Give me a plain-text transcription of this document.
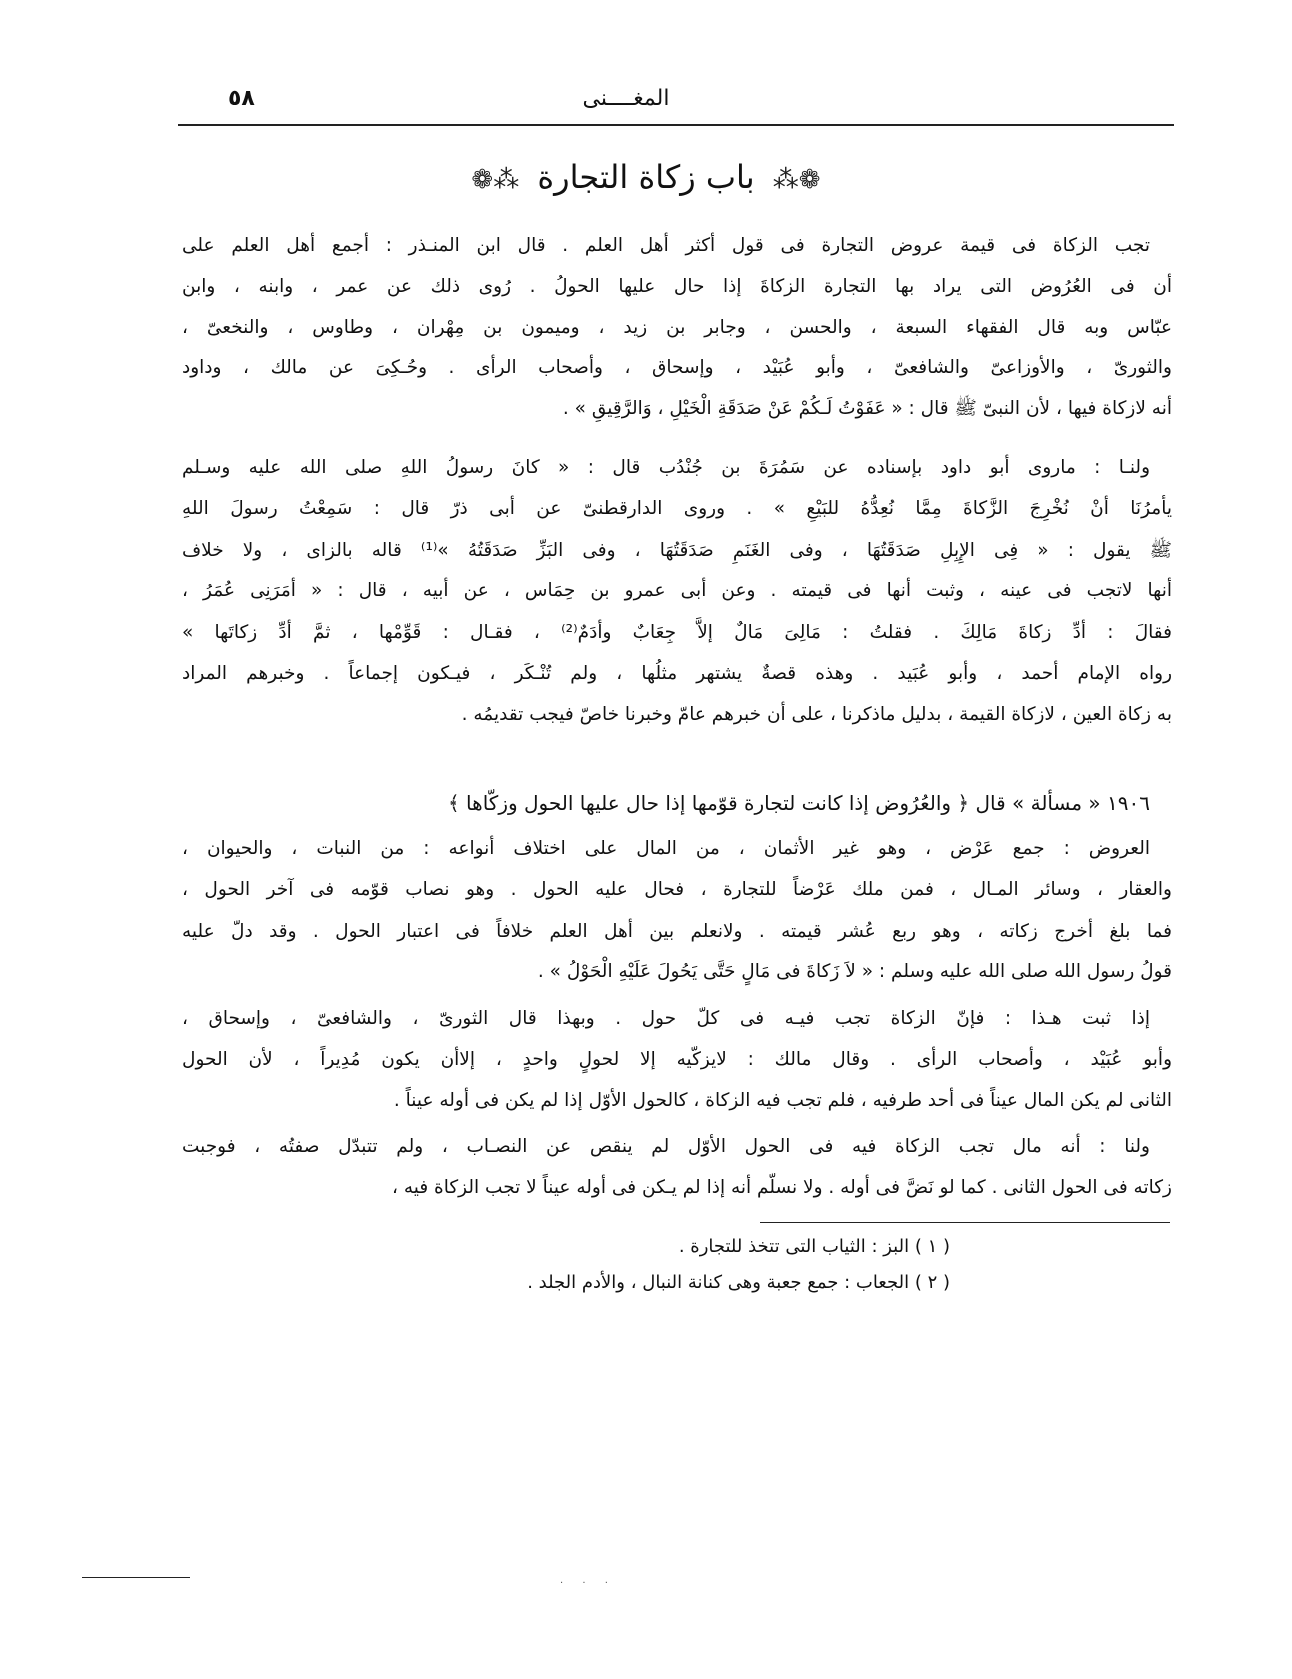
٥٨	المغــــنى
❁⁂ باب زكاة التجارة ⁂❁
تجب الزكاة فى قيمة عروض التجارة فى قول أكثر أهل العلم . قال ابن المنـذر : أجمع أهل العلم على
أن فى العُرُوض التى يراد بها التجارة الزكاةَ إذا حال عليها الحولُ . رُوى ذلك عن عمر ، وابنه ، وابن
عبّاس وبه قال الفقهاء السبعة ، والحسن ، وجابر بن زيد ، وميمون بن مِهْران ، وطاوس ، والنخعىّ ،
والثورىّ ، والأوزاعىّ والشافعىّ ، وأبو عُبَيْد ، وإسحاق ، وأصحاب الرأى . وحُـكِىَ عن مالك ، وداود
أنه لازكاة فيها ، لأن النبىّ ﷺ قال : « عَفَوْتُ لَـكُمْ عَنْ صَدَقَةِ الْخَيْلِ ، وَالرَّقِيقِ » .
ولنـا : ماروى أبو داود بإسناده عن سَمُرَةَ بن جُنْدُب قال : « كانَ رسولُ اللهِ صلى الله عليه وسـلم
يأمرُنَا أنْ نُخْرِجَ الزَّكاةَ مِمَّا نُعِدُّهُ للبَيْعِ » . وروى الدارقطنىّ عن أبى ذرّ قال : سَمِعْتُ رسولَ اللهِ
ﷺ يقول : « فِى الإِبِلِ صَدَقَتُهَا ، وفى الغَنَمِ صَدَقَتُهَا ، وفى البَزِّ صَدَقَتُهُ »⁽¹⁾ قاله بالزاى ، ولا خلاف
أنها لاتجب فى عينه ، وثبت أنها فى قيمته . وعن أبى عمرو بن حِمَاس ، عن أبيه ، قال : « أمَرَنِى عُمَرُ ،
فقالَ : أدِّ زكاةَ مَالِكَ . فقلتُ : مَالِىَ مَالٌ إلاَّ جِعَابٌ وأدَمٌ⁽²⁾ ، فقـال : قَوِّمْها ، ثمَّ أدِّ زكاتَها »
رواه الإمام أحمد ، وأبو عُبَيد . وهذه قصةٌ يشتهر مثلُها ، ولم تُنْـكَر ، فيـكون إجماعاً . وخبرهم المراد
به زكاة العين ، لازكاة القيمة ، بدليل ماذكرنا ، على أن خبرهم عامّ وخبرنا خاصّ فيجب تقديمُه .
١٩٠٦ « مسألة » قال ﴿ والعُرُوض إذا كانت لتجارة قوّمها إذا حال عليها الحول وزكّاها ﴾
العروض : جمع عَرْض ، وهو غير الأثمان ، من المال على اختلاف أنواعه : من النبات ، والحيوان ،
والعقار ، وسائر المـال ، فمن ملك عَرْضاً للتجارة ، فحال عليه الحول . وهو نصاب قوّمه فى آخر الحول ،
فما بلغ أخرج زكاته ، وهو ربع عُشر قيمته . ولانعلم بين أهل العلم خلافاً فى اعتبار الحول . وقد دلّ عليه
قولُ رسول الله صلى الله عليه وسلم : « لاَ زَكاةَ فى مَالٍ حَتَّى يَحُولَ عَلَيْهِ الْحَوْلُ » .
إذا ثبت هـذا : فإنّ الزكاة تجب فيـه فى كلّ حول . وبهذا قال الثورىّ ، والشافعىّ ، وإسحاق ،
وأبو عُبَيْد ، وأصحاب الرأى . وقال مالك : لايزكّيه إلا لحولٍ واحدٍ ، إلاأن يكون مُدِيراً ، لأن الحول
الثانى لم يكن المال عيناً فى أحد طرفيه ، فلم تجب فيه الزكاة ، كالحول الأوّل إذا لم يكن فى أوله عيناً .
ولنا : أنه مال تجب الزكاة فيه فى الحول الأوّل لم ينقص عن النصـاب ، ولم تتبدّل صفتُه ، فوجبت
زكاته فى الحول الثانى . كما لو نَضَّ فى أوله . ولا نسلّم أنه إذا لم يـكن فى أوله عيناً لا تجب الزكاة فيه ،
( ١ ) البز : الثياب التى تتخذ للتجارة .
( ٢ ) الجعاب : جمع جعبة وهى كنانة النبال ، والأدم الجلد .
· · ·
